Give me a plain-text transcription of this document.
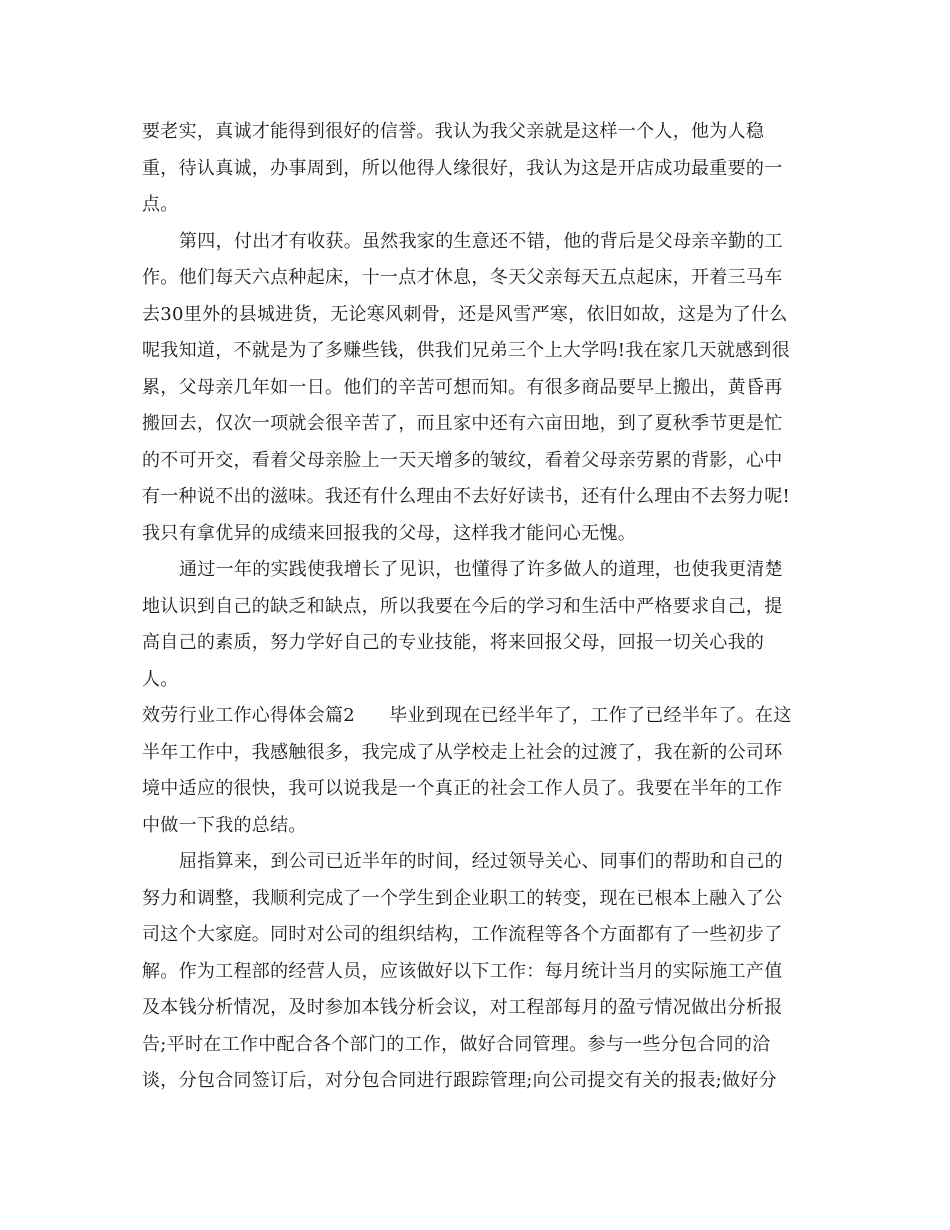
要老实，真诚才能得到很好的信誉。我认为我父亲就是这样一个人，他为人稳
重，待认真诚，办事周到，所以他得人缘很好，我认为这是开店成功最重要的一
点。
第四，付出才有收获。虽然我家的生意还不错，他的背后是父母亲辛勤的工
作。他们每天六点种起床，十一点才休息，冬天父亲每天五点起床，开着三马车
去30里外的县城进货，无论寒风刺骨，还是风雪严寒，依旧如故，这是为了什么
呢我知道，不就是为了多赚些钱，供我们兄弟三个上大学吗!我在家几天就感到很
累，父母亲几年如一日。他们的辛苦可想而知。有很多商品要早上搬出，黄昏再
搬回去，仅次一项就会很辛苦了，而且家中还有六亩田地，到了夏秋季节更是忙
的不可开交，看着父母亲脸上一天天增多的皱纹，看着父母亲劳累的背影，心中
有一种说不出的滋味。我还有什么理由不去好好读书，还有什么理由不去努力呢!
我只有拿优异的成绩来回报我的父母，这样我才能问心无愧。
通过一年的实践使我增长了见识，也懂得了许多做人的道理，也使我更清楚
地认识到自己的缺乏和缺点，所以我要在今后的学习和生活中严格要求自己，提
高自己的素质，努力学好自己的专业技能，将来回报父母，回报一切关心我的
人。
效劳行业工作心得体会篇2 毕业到现在已经半年了，工作了已经半年了。在这
半年工作中，我感触很多，我完成了从学校走上社会的过渡了，我在新的公司环
境中适应的很快，我可以说我是一个真正的社会工作人员了。我要在半年的工作
中做一下我的总结。
屈指算来，到公司已近半年的时间，经过领导关心、同事们的帮助和自己的
努力和调整，我顺利完成了一个学生到企业职工的转变，现在已根本上融入了公
司这个大家庭。同时对公司的组织结构，工作流程等各个方面都有了一些初步了
解。作为工程部的经营人员，应该做好以下工作：每月统计当月的实际施工产值
及本钱分析情况，及时参加本钱分析会议，对工程部每月的盈亏情况做出分析报
告;平时在工作中配合各个部门的工作，做好合同管理。参与一些分包合同的洽
谈，分包合同签订后，对分包合同进行跟踪管理;向公司提交有关的报表;做好分
